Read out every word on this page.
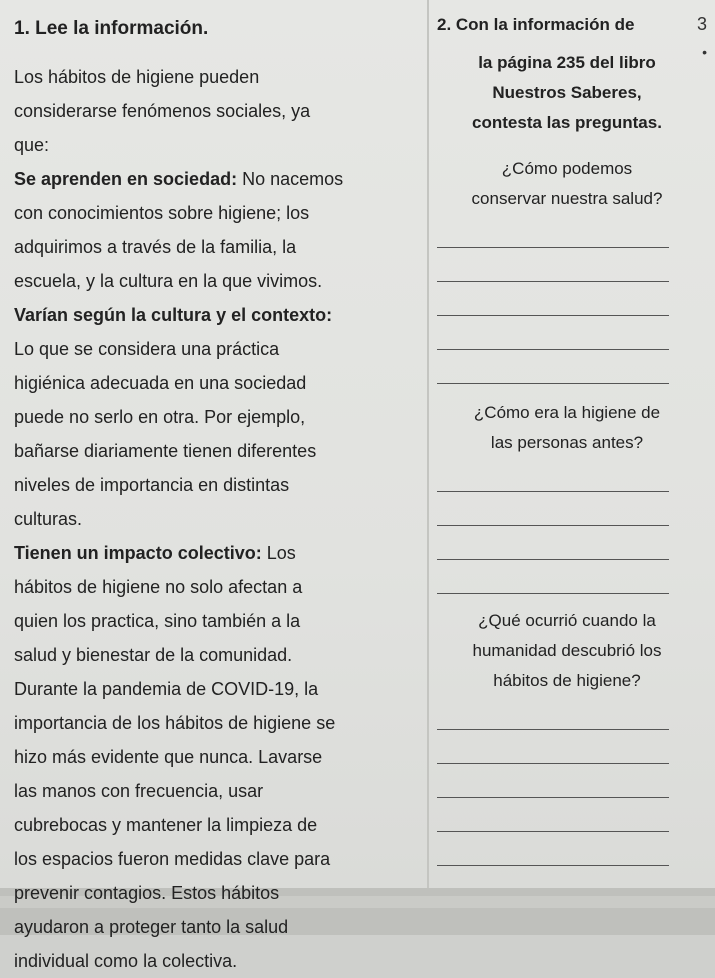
3
•
1. Lee la información.
Los hábitos de higiene pueden
considerarse fenómenos sociales, ya
que:
Se aprenden en sociedad: No nacemos
con conocimientos sobre higiene; los
adquirimos a través de la familia, la
escuela, y la cultura en la que vivimos.
Varían según la cultura y el contexto:
Lo que se considera una práctica
higiénica adecuada en una sociedad
puede no serlo en otra. Por ejemplo,
bañarse diariamente tienen diferentes
niveles de importancia en distintas
culturas.
Tienen un impacto colectivo: Los
hábitos de higiene no solo afectan a
quien los practica, sino también a la
salud y bienestar de la comunidad.
Durante la pandemia de COVID-19, la
importancia de los hábitos de higiene se
hizo más evidente que nunca. Lavarse
las manos con frecuencia, usar
cubrebocas y mantener la limpieza de
los espacios fueron medidas clave para
prevenir contagios. Estos hábitos
ayudaron a proteger tanto la salud
individual como la colectiva.
2. Con la información de
la página 235 del libro
Nuestros Saberes,
contesta las preguntas.
¿Cómo podemos
conservar nuestra salud?
¿Cómo era la higiene de
las personas antes?
¿Qué ocurrió cuando la
humanidad descubrió los
hábitos de higiene?
